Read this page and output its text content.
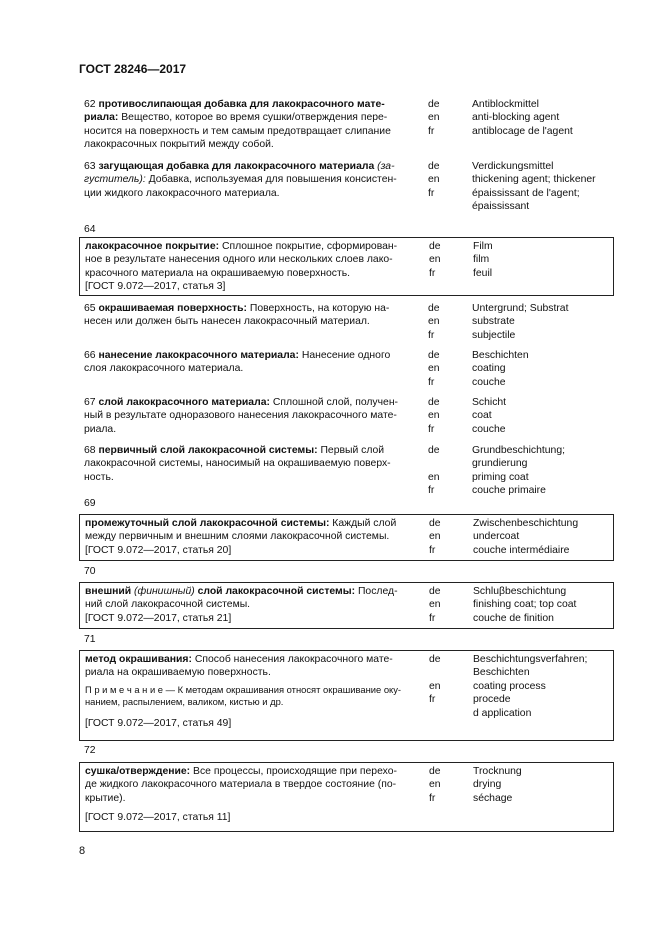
ГОСТ 28246—2017
62 противослипающая добавка для лакокрасочного мате-
риала: Вещество, которое во время сушки/отверждения пере-
носится на поверхность и тем самым предотвращает слипание
лакокрасочных покрытий между собой.
de
en
fr
Antiblockmittel
anti-blocking agent
antiblocage de l'agent
63 загущающая добавка для лакокрасочного материала (за-
густитель): Добавка, используемая для повышения консистен-
ции жидкого лакокрасочного материала.
de
en
fr
Verdickungsmittel
thickening agent; thickener
épaississant de l'agent;
épaississant
64
лакокрасочное покрытие: Сплошное покрытие, сформирован-
ное в результате нанесения одного или нескольких слоев лако-
красочного материала на окрашиваемую поверхность.
[ГОСТ 9.072—2017, статья 3]
de
en
fr
Film
film
feuil
65 окрашиваемая поверхность: Поверхность, на которую на-
несен или должен быть нанесен лакокрасочный материал.
de
en
fr
Untergrund; Substrat
substrate
subjectile
66 нанесение лакокрасочного материала: Нанесение одного
слоя лакокрасочного материала.
de
en
fr
Beschichten
coating
couche
67 слой лакокрасочного материала: Сплошной слой, получен-
ный в результате одноразового нанесения лакокрасочного мате-
риала.
de
en
fr
Schicht
coat
couche
68 первичный слой лакокрасочной системы: Первый слой
лакокрасочной системы, наносимый на окрашиваемую поверх-
ность.
de
en
fr
Grundbeschichtung;
grundierung
priming coat
couche primaire
69
промежуточный слой лакокрасочной системы: Каждый слой
между первичным и внешним слоями лакокрасочной системы.
[ГОСТ 9.072—2017, статья 20]
de
en
fr
Zwischenbeschichtung
undercoat
couche intermédiaire
70
внешний (финишный) слой лакокрасочной системы: Послед-
ний слой лакокрасочной системы.
[ГОСТ 9.072—2017, статья 21]
de
en
fr
Schluβbeschichtung
finishing coat; top coat
couche de finition
71
метод окрашивания: Способ нанесения лакокрасочного мате-
риала на окрашиваемую поверхность.
П р и м е ч а н и е — К методам окрашивания относят окрашивание оку-
нанием, распылением, валиком, кистью и др.
[ГОСТ 9.072—2017, статья 49]
de
en
fr
Beschichtungsverfahren;
Beschichten
coating process
procede
d application
72
сушка/отверждение: Все процессы, происходящие при перехо-
де жидкого лакокрасочного материала в твердое состояние (по-
крытие).
[ГОСТ 9.072—2017, статья 11]
de
en
fr
Trocknung
drying
séchage
8
